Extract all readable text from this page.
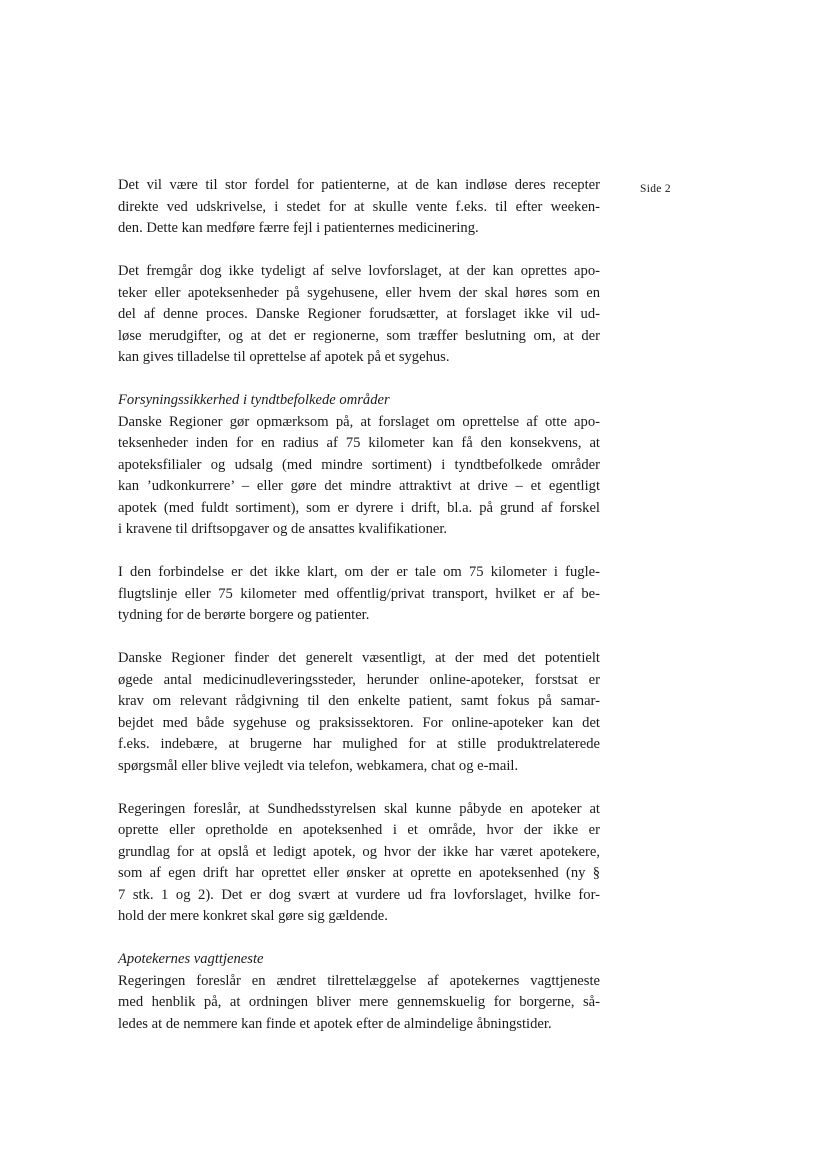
Side 2

Det vil være til stor fordel for patienterne, at de kan indløse deres recepter
direkte ved udskrivelse, i stedet for at skulle vente f.eks. til efter weeken-
den. Dette kan medføre færre fejl i patienternes medicinering.

Det fremgår dog ikke tydeligt af selve lovforslaget, at der kan oprettes apo-
teker eller apoteksenheder på sygehusene, eller hvem der skal høres som en
del af denne proces. Danske Regioner forudsætter, at forslaget ikke vil ud-
løse merudgifter, og at det er regionerne, som træffer beslutning om, at der
kan gives tilladelse til oprettelse af apotek på et sygehus.

Forsyningssikkerhed i tyndtbefolkede områder

Danske Regioner gør opmærksom på, at forslaget om oprettelse af otte apo-
teksenheder inden for en radius af 75 kilometer kan få den konsekvens, at
apoteksfilialer og udsalg (med mindre sortiment) i tyndtbefolkede områder
kan ’udkonkurrere’ – eller gøre det mindre attraktivt at drive – et egentligt
apotek (med fuldt sortiment), som er dyrere i drift, bl.a. på grund af forskel
i kravene til driftsopgaver og de ansattes kvalifikationer.

I den forbindelse er det ikke klart, om der er tale om 75 kilometer i fugle-
flugtslinje eller 75 kilometer med offentlig/privat transport, hvilket er af be-
tydning for de berørte borgere og patienter.

Danske Regioner finder det generelt væsentligt, at der med det potentielt
øgede antal medicinudleveringssteder, herunder online-apoteker, forstsat er
krav om relevant rådgivning til den enkelte patient, samt fokus på samar-
bejdet med både sygehuse og praksissektoren. For online-apoteker kan det
f.eks. indebære, at brugerne har mulighed for at stille produktrelaterede
spørgsmål eller blive vejledt via telefon, webkamera, chat og e-mail.

Regeringen foreslår, at Sundhedsstyrelsen skal kunne påbyde en apoteker at
oprette eller opretholde en apoteksenhed i et område, hvor der ikke er
grundlag for at opslå et ledigt apotek, og hvor der ikke har været apotekere,
som af egen drift har oprettet eller ønsker at oprette en apoteksenhed (ny §
7 stk. 1 og 2). Det er dog svært at vurdere ud fra lovforslaget, hvilke for-
hold der mere konkret skal gøre sig gældende.

Apotekernes vagttjeneste

Regeringen foreslår en ændret tilrettelæggelse af apotekernes vagttjeneste
med henblik på, at ordningen bliver mere gennemskuelig for borgerne, så-
ledes at de nemmere kan finde et apotek efter de almindelige åbningstider.
